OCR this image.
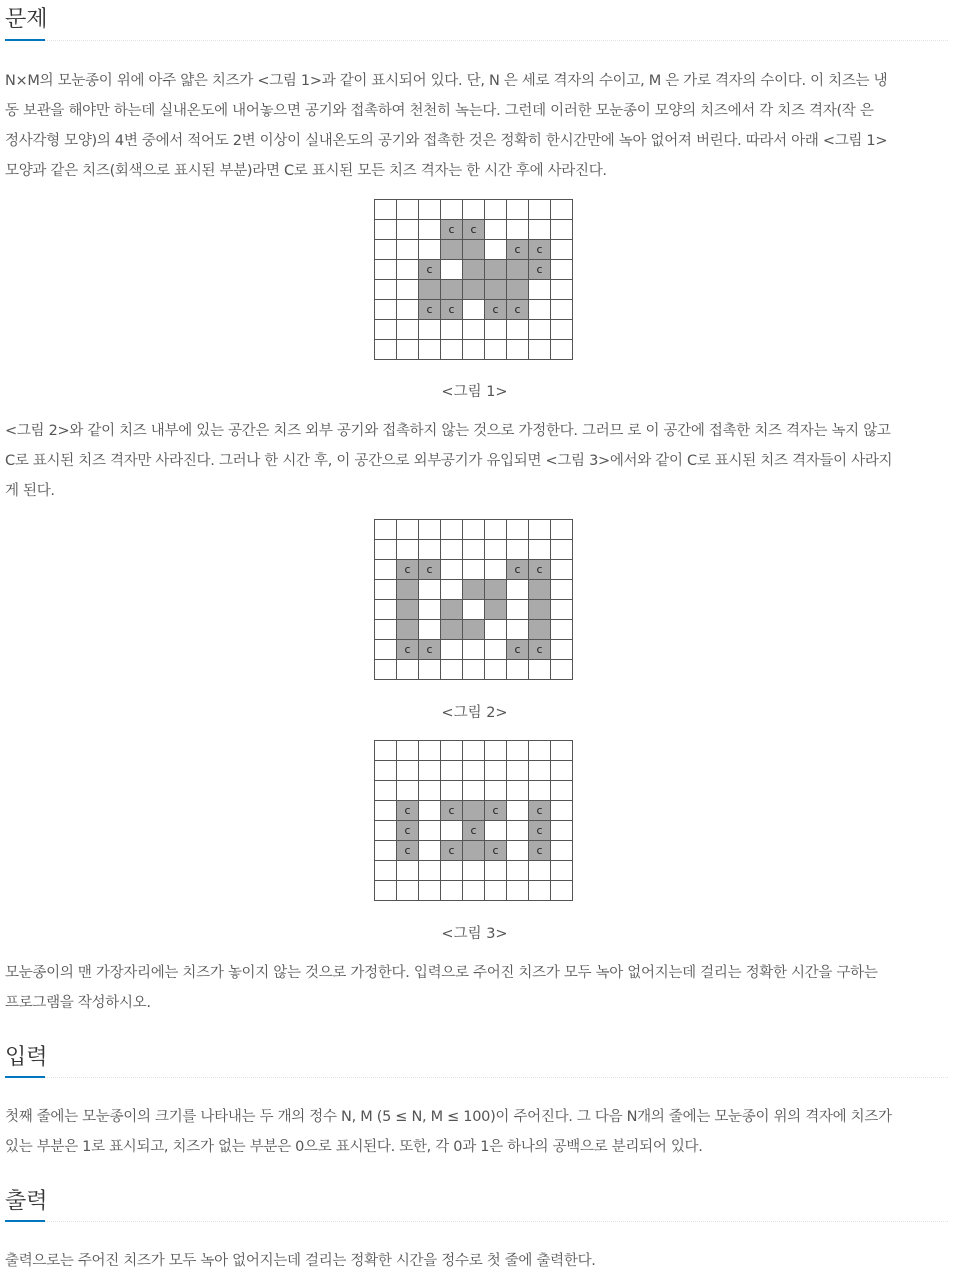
문제
N×M의 모눈종이 위에 아주 얇은 치즈가 <그림 1>과 같이 표시되어 있다. 단, N 은 세로 격자의 수이고, M 은 가로 격자의 수이다. 이 치즈는 냉
동 보관을 해야만 하는데 실내온도에 내어놓으면 공기와 접촉하여 천천히 녹는다. 그런데 이러한 모눈종이 모양의 치즈에서 각 치즈 격자(작 은
정사각형 모양)의 4변 중에서 적어도 2변 이상이 실내온도의 공기와 접촉한 것은 정확히 한시간만에 녹아 없어져 버린다. 따라서 아래 <그림 1>
모양과 같은 치즈(회색으로 표시된 부분)라면 C로 표시된 모든 치즈 격자는 한 시간 후에 사라진다.

			c	c				
						c	c	
		c					c	

		c	c		c	c		

<그림 1>
<그림 2>와 같이 치즈 내부에 있는 공간은 치즈 외부 공기와 접촉하지 않는 것으로 가정한다. 그러므 로 이 공간에 접촉한 치즈 격자는 녹지 않고
C로 표시된 치즈 격자만 사라진다. 그러나 한 시간 후, 이 공간으로 외부공기가 유입되면 <그림 3>에서와 같이 C로 표시된 치즈 격자들이 사라지
게 된다.

	c	c				c	c	

	c	c				c	c	

<그림 2>

	c		c		c		c	
	c			c			c	
	c		c		c		c	

<그림 3>
모눈종이의 맨 가장자리에는 치즈가 놓이지 않는 것으로 가정한다. 입력으로 주어진 치즈가 모두 녹아 없어지는데 걸리는 정확한 시간을 구하는
프로그램을 작성하시오.
입력
첫째 줄에는 모눈종이의 크기를 나타내는 두 개의 정수 N, M (5 ≤ N, M ≤ 100)이 주어진다. 그 다음 N개의 줄에는 모눈종이 위의 격자에 치즈가
있는 부분은 1로 표시되고, 치즈가 없는 부분은 0으로 표시된다. 또한, 각 0과 1은 하나의 공백으로 분리되어 있다.
출력
출력으로는 주어진 치즈가 모두 녹아 없어지는데 걸리는 정확한 시간을 정수로 첫 줄에 출력한다.
